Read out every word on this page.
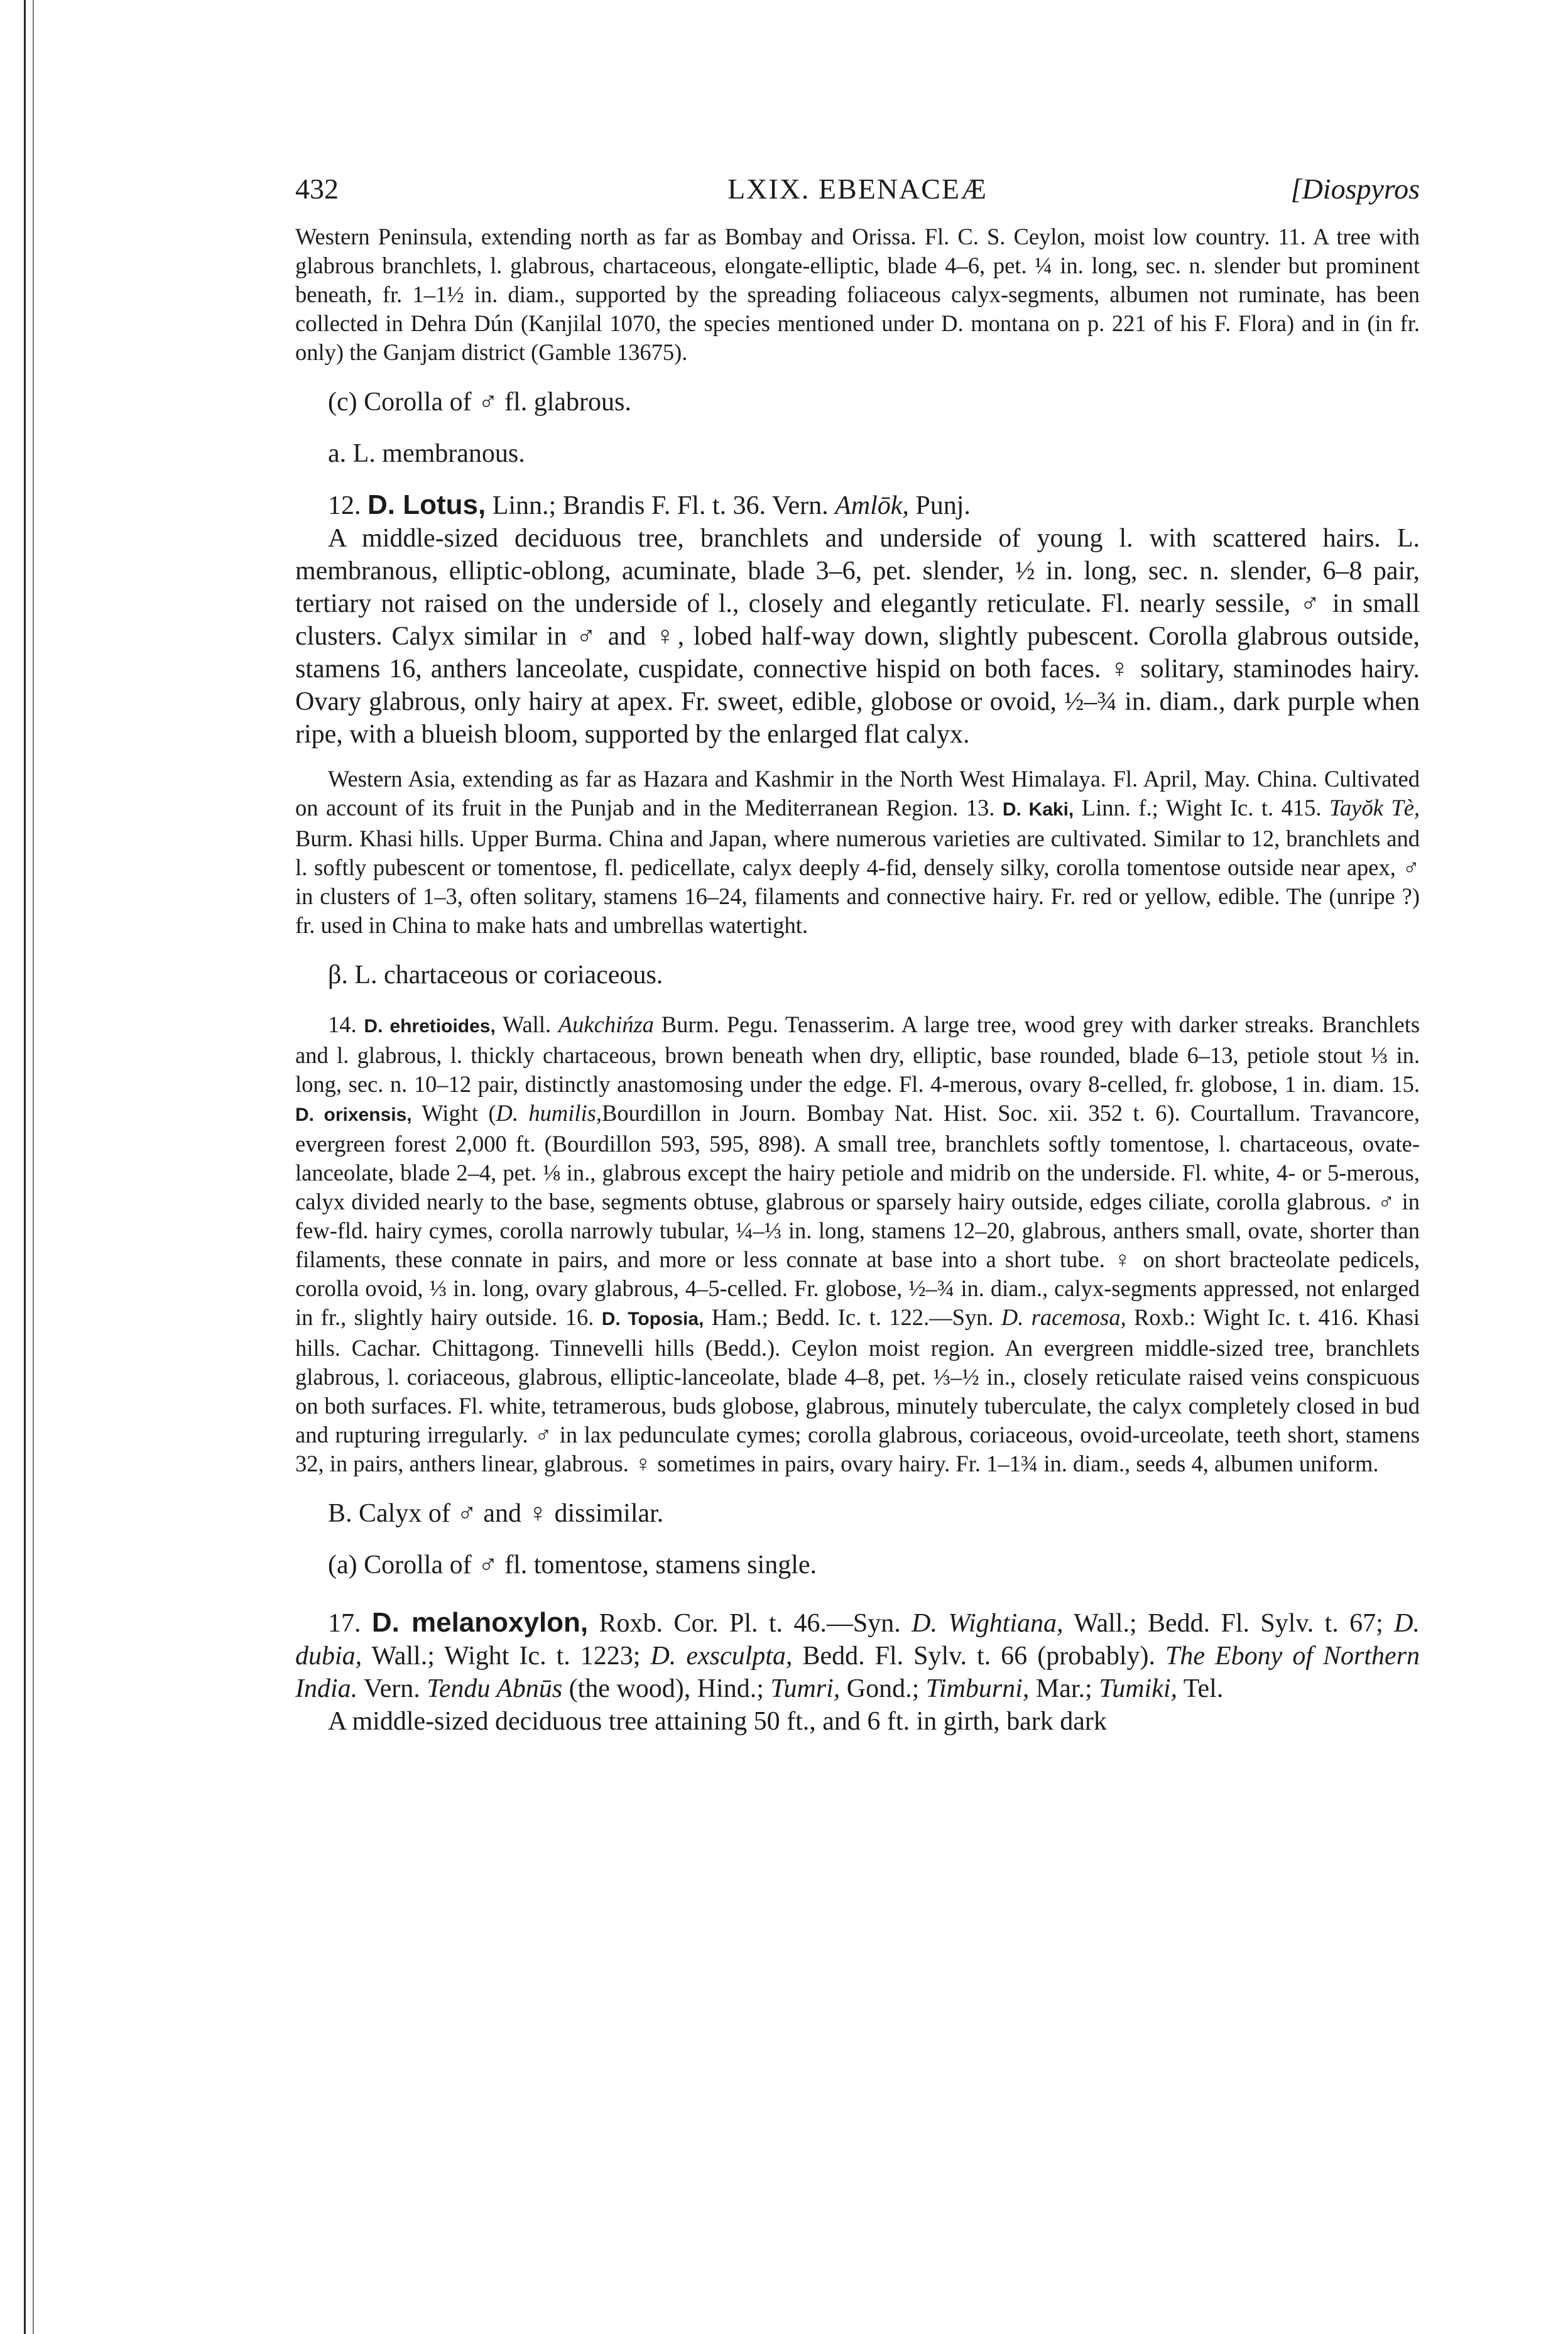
432	LXIX. EBENACEÆ	[Diospyros

Western Peninsula, extending north as far as Bombay and Orissa. Fl. C. S. Ceylon, moist low country. 11. A tree with glabrous branchlets, l. glabrous, chartaceous, elongate-elliptic, blade 4–6, pet. ¼ in. long, sec. n. slender but prominent beneath, fr. 1–1½ in. diam., supported by the spreading foliaceous calyx-segments, albumen not ruminate, has been collected in Dehra Dún (Kanjilal 1070, the species mentioned under D. montana on p. 221 of his F. Flora) and in (in fr. only) the Ganjam district (Gamble 13675).

(c) Corolla of ♂ fl. glabrous.

a. L. membranous.

12. D. Lotus, Linn.; Brandis F. Fl. t. 36. Vern. Amlōk, Punj.

A middle-sized deciduous tree, branchlets and underside of young l. with scattered hairs. L. membranous, elliptic-oblong, acuminate, blade 3–6, pet. slender, ½ in. long, sec. n. slender, 6–8 pair, tertiary not raised on the underside of l., closely and elegantly reticulate. Fl. nearly sessile, ♂ in small clusters. Calyx similar in ♂ and ♀, lobed half-way down, slightly pubescent. Corolla glabrous outside, stamens 16, anthers lanceolate, cuspidate, connective hispid on both faces. ♀ solitary, staminodes hairy. Ovary glabrous, only hairy at apex. Fr. sweet, edible, globose or ovoid, ½–¾ in. diam., dark purple when ripe, with a blueish bloom, supported by the enlarged flat calyx.

Western Asia, extending as far as Hazara and Kashmir in the North West Himalaya. Fl. April, May. China. Cultivated on account of its fruit in the Punjab and in the Mediterranean Region. 13. D. Kaki, Linn. f.; Wight Ic. t. 415. Tayŏk Tè, Burm. Khasi hills. Upper Burma. China and Japan, where numerous varieties are cultivated. Similar to 12, branchlets and l. softly pubescent or tomentose, fl. pedicellate, calyx deeply 4-fid, densely silky, corolla tomentose outside near apex, ♂ in clusters of 1–3, often solitary, stamens 16–24, filaments and connective hairy. Fr. red or yellow, edible. The (unripe ?) fr. used in China to make hats and umbrellas watertight.

β. L. chartaceous or coriaceous.

14. D. ehretioides, Wall. Aukchińza Burm. Pegu. Tenasserim. A large tree, wood grey with darker streaks. Branchlets and l. glabrous, l. thickly chartaceous, brown beneath when dry, elliptic, base rounded, blade 6–13, petiole stout ⅓ in. long, sec. n. 10–12 pair, distinctly anastomosing under the edge. Fl. 4-merous, ovary 8-celled, fr. globose, 1 in. diam. 15. D. orixensis, Wight (D. humilis,Bourdillon in Journ. Bombay Nat. Hist. Soc. xii. 352 t. 6). Courtallum. Travancore, evergreen forest 2,000 ft. (Bourdillon 593, 595, 898). A small tree, branchlets softly tomentose, l. chartaceous, ovate-lanceolate, blade 2–4, pet. ⅛ in., glabrous except the hairy petiole and midrib on the underside. Fl. white, 4- or 5-merous, calyx divided nearly to the base, segments obtuse, glabrous or sparsely hairy outside, edges ciliate, corolla glabrous. ♂ in few-fld. hairy cymes, corolla narrowly tubular, ¼–⅓ in. long, stamens 12–20, glabrous, anthers small, ovate, shorter than filaments, these connate in pairs, and more or less connate at base into a short tube. ♀ on short bracteolate pedicels, corolla ovoid, ⅓ in. long, ovary glabrous, 4–5-celled. Fr. globose, ½–¾ in. diam., calyx-segments appressed, not enlarged in fr., slightly hairy outside. 16. D. Toposia, Ham.; Bedd. Ic. t. 122.—Syn. D. racemosa, Roxb.: Wight Ic. t. 416. Khasi hills. Cachar. Chittagong. Tinnevelli hills (Bedd.). Ceylon moist region. An evergreen middle-sized tree, branchlets glabrous, l. coriaceous, glabrous, elliptic-lanceolate, blade 4–8, pet. ⅓–½ in., closely reticulate raised veins conspicuous on both surfaces. Fl. white, tetramerous, buds globose, glabrous, minutely tuberculate, the calyx completely closed in bud and rupturing irregularly. ♂ in lax pedunculate cymes; corolla glabrous, coriaceous, ovoid-urceolate, teeth short, stamens 32, in pairs, anthers linear, glabrous. ♀ sometimes in pairs, ovary hairy. Fr. 1–1¾ in. diam., seeds 4, albumen uniform.

B. Calyx of ♂ and ♀ dissimilar.

(a) Corolla of ♂ fl. tomentose, stamens single.

17. D. melanoxylon, Roxb. Cor. Pl. t. 46.—Syn. D. Wightiana, Wall.; Bedd. Fl. Sylv. t. 67; D. dubia, Wall.; Wight Ic. t. 1223; D. exsculpta, Bedd. Fl. Sylv. t. 66 (probably). The Ebony of Northern India. Vern. Tendu Abnūs (the wood), Hind.; Tumri, Gond.; Timburni, Mar.; Tumiki, Tel.

A middle-sized deciduous tree attaining 50 ft., and 6 ft. in girth, bark dark
